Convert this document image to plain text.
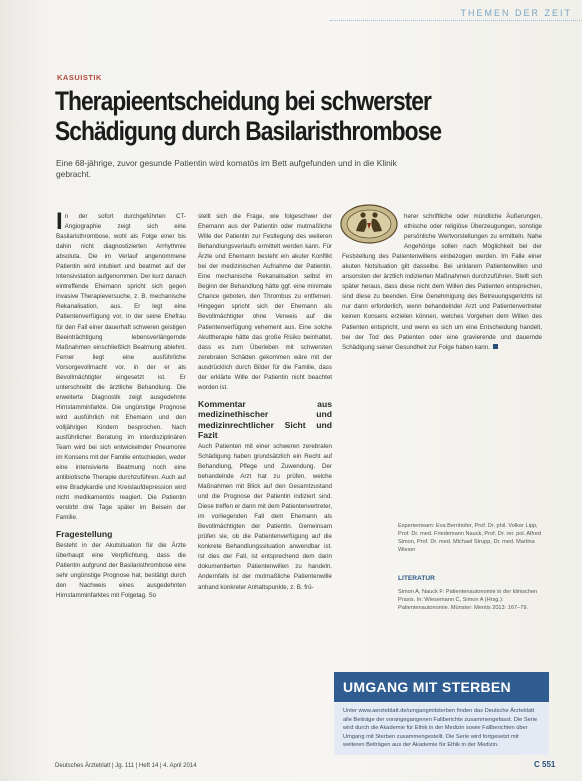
THEMEN DER ZEIT
KASUISTIK
Therapieentscheidung bei schwerster
Schädigung durch Basilaristhrombose
Eine 68-jährige, zuvor gesunde Patientin wird komatös im Bett aufgefunden und in die Klinik gebracht.

In der sofort durchgeführten CT-Angiographie zeigt sich eine Basilaristhrombose, wohl als Folge einer bis dahin nicht diagnostizierten Arrhythmie absoluta. Die im Verlauf angenommene Patientin wird intubiert und beatmet auf der Intensivstation aufgenommen. Der kurz danach eintreffende Ehemann spricht sich gegen invasive Therapieversuche, z. B. mechanische Rekanalisation, aus. Er legt eine Patientenverfügung vor, in der seine Ehefrau für den Fall einer dauerhaft schweren geistigen Beeinträchtigung lebensverlängernde Maßnahmen einschließlich Beatmung ablehnt. Ferner liegt eine ausführliche Vorsorgevollmacht vor, in der er als Bevollmächtigter eingesetzt ist. Er unterschreibt die ärztliche Behandlung. Die erweiterte Diagnostik zeigt ausgedehnte Hirnstamminfarkte. Die ungünstige Prognose wird ausführlich mit Ehemann und den volljährigen Kindern besprochen. Nach ausführlicher Beratung im interdisziplinären Team wird bei sich entwickelnder Pneumonie im Konsens mit der Familie entschieden, weder eine intensivierte Beatmung noch eine antibiotische Therapie durchzuführen. Auch auf eine Bradykardie und Kreislaufdepression wird nicht medikamentös reagiert. Die Patientin verstirbt drei Tage später im Beisein der Familie.

Fragestellung

Besteht in der Akutsituation für die Ärzte überhaupt eine Verpflichtung, dass die Patientin aufgrund der Basilaristhrombose eine sehr ungünstige Prognose hat, bestätigt durch den Nachweis eines ausgedehnten Hirnstamminfarktes mit Folgetag. So

stellt sich die Frage, wie folgeschwer der Ehemann aus der Patientin oder mutmaßliche Wille der Patientin zur Festlegung des weiteren Behandlungsverlaufs ermittelt werden kann. Für Ärzte und Ehemann besteht ein akuter Konflikt bei der medizinischen Aufnahme der Patientin. Eine mechanische Rekanalisation selbst im Beginn der Behandlung hätte ggf. eine minimale Chance geboten, den Thrombus zu entfernen. Hingegen spricht sich der Ehemann als Bevollmächtigter ohne Verweis auf die Patientenverfügung vehement aus. Eine solche Akuttherapie hätte das große Risiko beinhaltet, dass es zum Überleben mit schwersten zerebralen Schäden gekommen wäre mit der ausdrücklich durch Bilder für die Familie, dass der erklärte Wille der Patientin nicht beachtet worden ist.

Kommentar aus medizinethischer und medizinrechtlicher Sicht und Fazit

Auch Patienten mit einer schweren zerebralen Schädigung haben grundsätzlich ein Recht auf Behandlung, Pflege und Zuwendung. Der behandelnde Arzt hat zu prüfen, welche Maßnahmen mit Blick auf den Gesamtzustand und die Prognose der Patientin indiziert sind. Diese treffen er dann mit dem Patientenvertreter, im vorliegenden Fall dem Ehemann als Bevollmächtigten der Patientin. Gemeinsam prüfen sie, ob die Patientenverfügung auf die konkrete Behandlungssituation anwendbar ist. Ist dies der Fall, ist entsprechend dem darin dokumentierten Patientenwillen zu handeln. Andernfalls ist der mutmaßliche Patientenwille anhand konkreter Anhaltspunkte, z. B. frü-

herer schriftliche oder mündliche Äußerungen, ethische oder religiöse Überzeugungen, sonstige persönliche Wertvorstellungen zu ermitteln. Nahe Angehörige sollen nach Möglichkeit bei der Feststellung des Patientenwillens einbezogen werden. Im Falle einer akuten Notsituation gilt dasselbe. Bei unklarem Patientenwillen und ansonsten der ärztlich indizierten Maßnahmen durchzuführen. Stellt sich später heraus, dass diese nicht dem Willen des Patienten entsprechen, sind diese zu beenden. Eine Genehmigung des Betreuungsgerichts ist nur dann erforderlich, wenn behandelnder Arzt und Patientenvertreter keinen Konsens erzielen können, welches Vorgehen dem Willen des Patienten entspricht, und wenn es sich um eine Entscheidung handelt, bei der Tod des Patienten oder eine gravierende und dauernde Schädigung seiner Gesundheit zur Folge haben kann.

Expertenteam: Eva Bernhofer, Prof. Dr. phil. Volker Lipp, Prof. Dr. med. Friedemann Nauck, Prof. Dr. rer. pol. Alfred Simon, Prof. Dr. med. Michael Strupp, Dr. med. Martina Wieser
LITERATUR
Simon A, Nauck F: Patientenautonomie in der klinischen Praxis. In: Wiesemann C, Simon A (Hrsg.): Patientenautonomie. Münster: Mentis 2013: 167–79.
UMGANG MIT STERBEN
Unter www.aerzteblatt.de/umgangmitsterben finden das Deutsche Ärzteblatt alle Beiträge der vorangegangenen Fallberichte zusammengefasst. Die Serie wird durch die Akademie für Ethik in der Medizin sowie Fallberichten über Umgang mit Sterben zusammengestellt. Die Serie wird fortgesetzt mit weiteren Beiträgen aus der Akademie für Ethik in der Medizin.
Deutsches Ärzteblatt | Jg. 111 | Heft 14 | 4. April 2014	C 551
